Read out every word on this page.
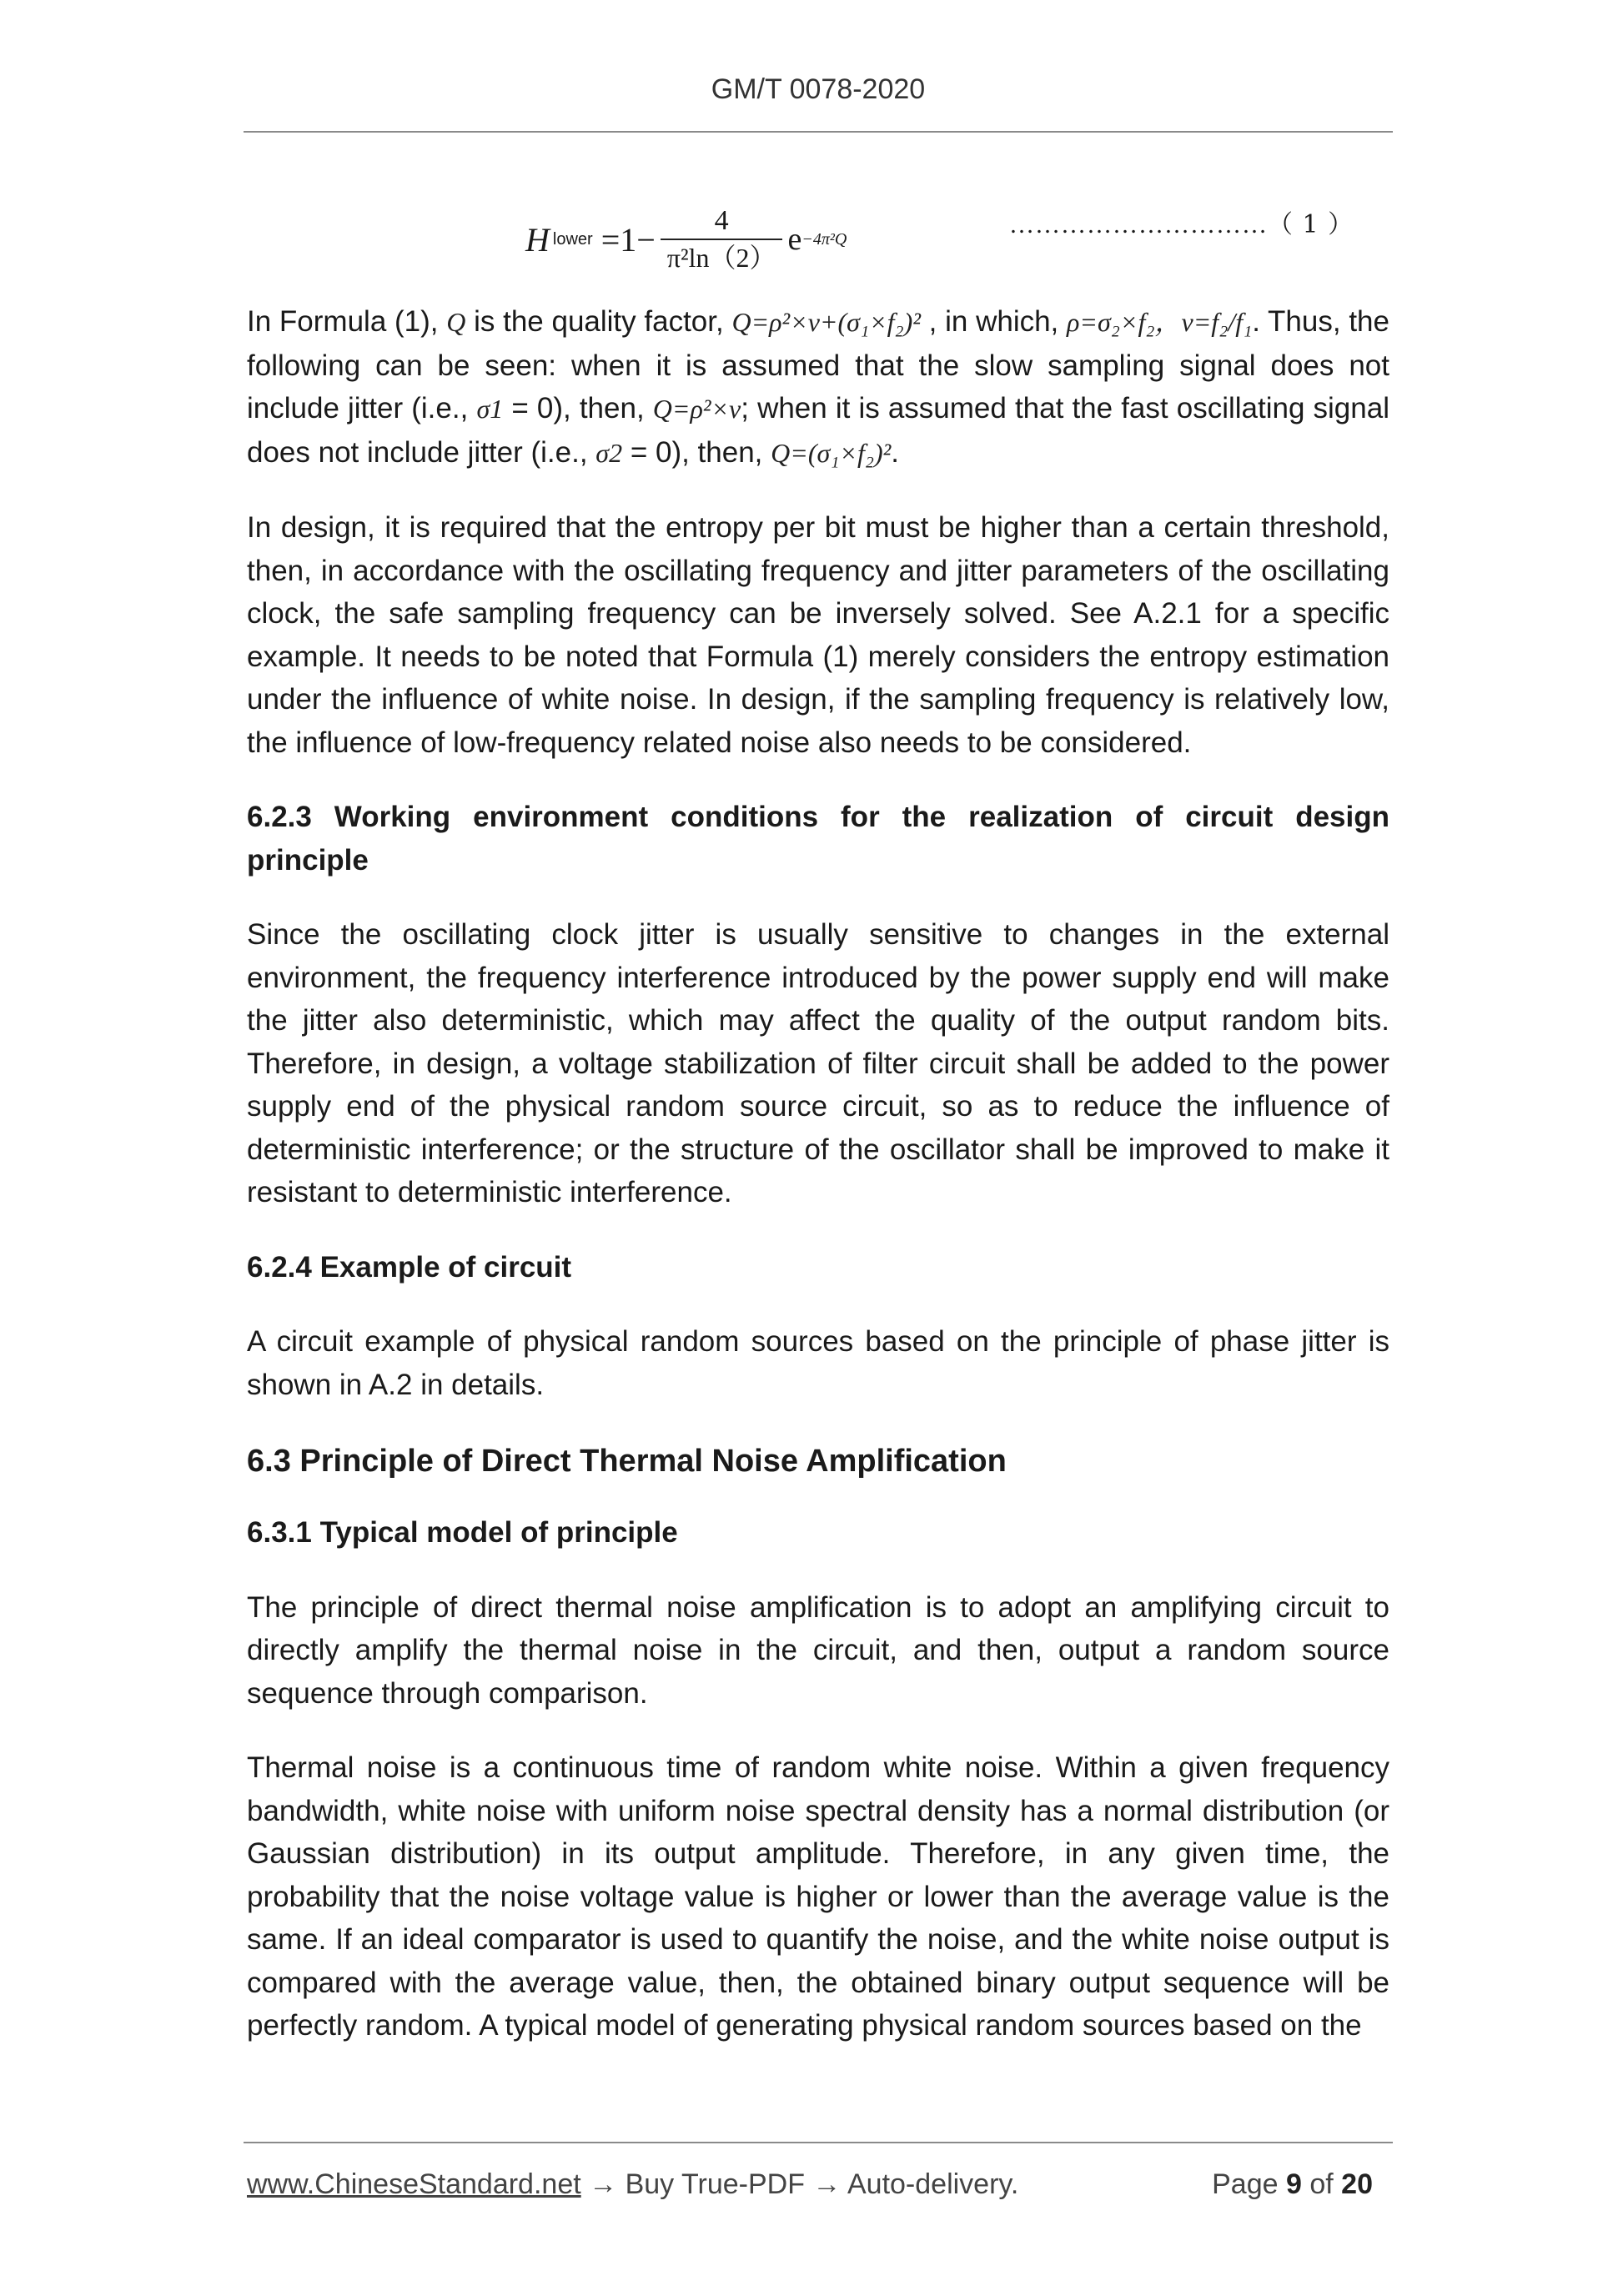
GM/T 0078-2020
H lower $=1- \frac{4}{\text{π²ln（2）}}$ e −4π²Q
…………………………（ 1 ）

In Formula (1), Q is the quality factor, Q=ρ²×v+(σ₁×f₂)² , in which, ρ=σ₂×f₂，v=f₂/f₁. Thus, the following can be seen: when it is assumed that the slow sampling signal does not include jitter (i.e., σ1 = 0), then, Q=ρ²×v; when it is assumed that the fast oscillating signal does not include jitter (i.e., σ2 = 0), then, Q=(σ₁×f₂)².

In design, it is required that the entropy per bit must be higher than a certain threshold, then, in accordance with the oscillating frequency and jitter parameters of the oscillating clock, the safe sampling frequency can be inversely solved. See A.2.1 for a specific example. It needs to be noted that Formula (1) merely considers the entropy estimation under the influence of white noise. In design, if the sampling frequency is relatively low, the influence of low-frequency related noise also needs to be considered.

6.2.3 Working environment conditions for the realization of circuit design principle

Since the oscillating clock jitter is usually sensitive to changes in the external environment, the frequency interference introduced by the power supply end will make the jitter also deterministic, which may affect the quality of the output random bits. Therefore, in design, a voltage stabilization of filter circuit shall be added to the power supply end of the physical random source circuit, so as to reduce the influence of deterministic interference; or the structure of the oscillator shall be improved to make it resistant to deterministic interference.

6.2.4 Example of circuit

A circuit example of physical random sources based on the principle of phase jitter is shown in A.2 in details.

6.3 Principle of Direct Thermal Noise Amplification
6.3.1 Typical model of principle

The principle of direct thermal noise amplification is to adopt an amplifying circuit to directly amplify the thermal noise in the circuit, and then, output a random source sequence through comparison.

Thermal noise is a continuous time of random white noise. Within a given frequency bandwidth, white noise with uniform noise spectral density has a normal distribution (or Gaussian distribution) in its output amplitude. Therefore, in any given time, the probability that the noise voltage value is higher or lower than the average value is the same. If an ideal comparator is used to quantify the noise, and the white noise output is compared with the average value, then, the obtained binary output sequence will be perfectly random. A typical model of generating physical random sources based on the

www.ChineseStandard.net → Buy True-PDF → Auto-delivery.	Page 9 of 20
